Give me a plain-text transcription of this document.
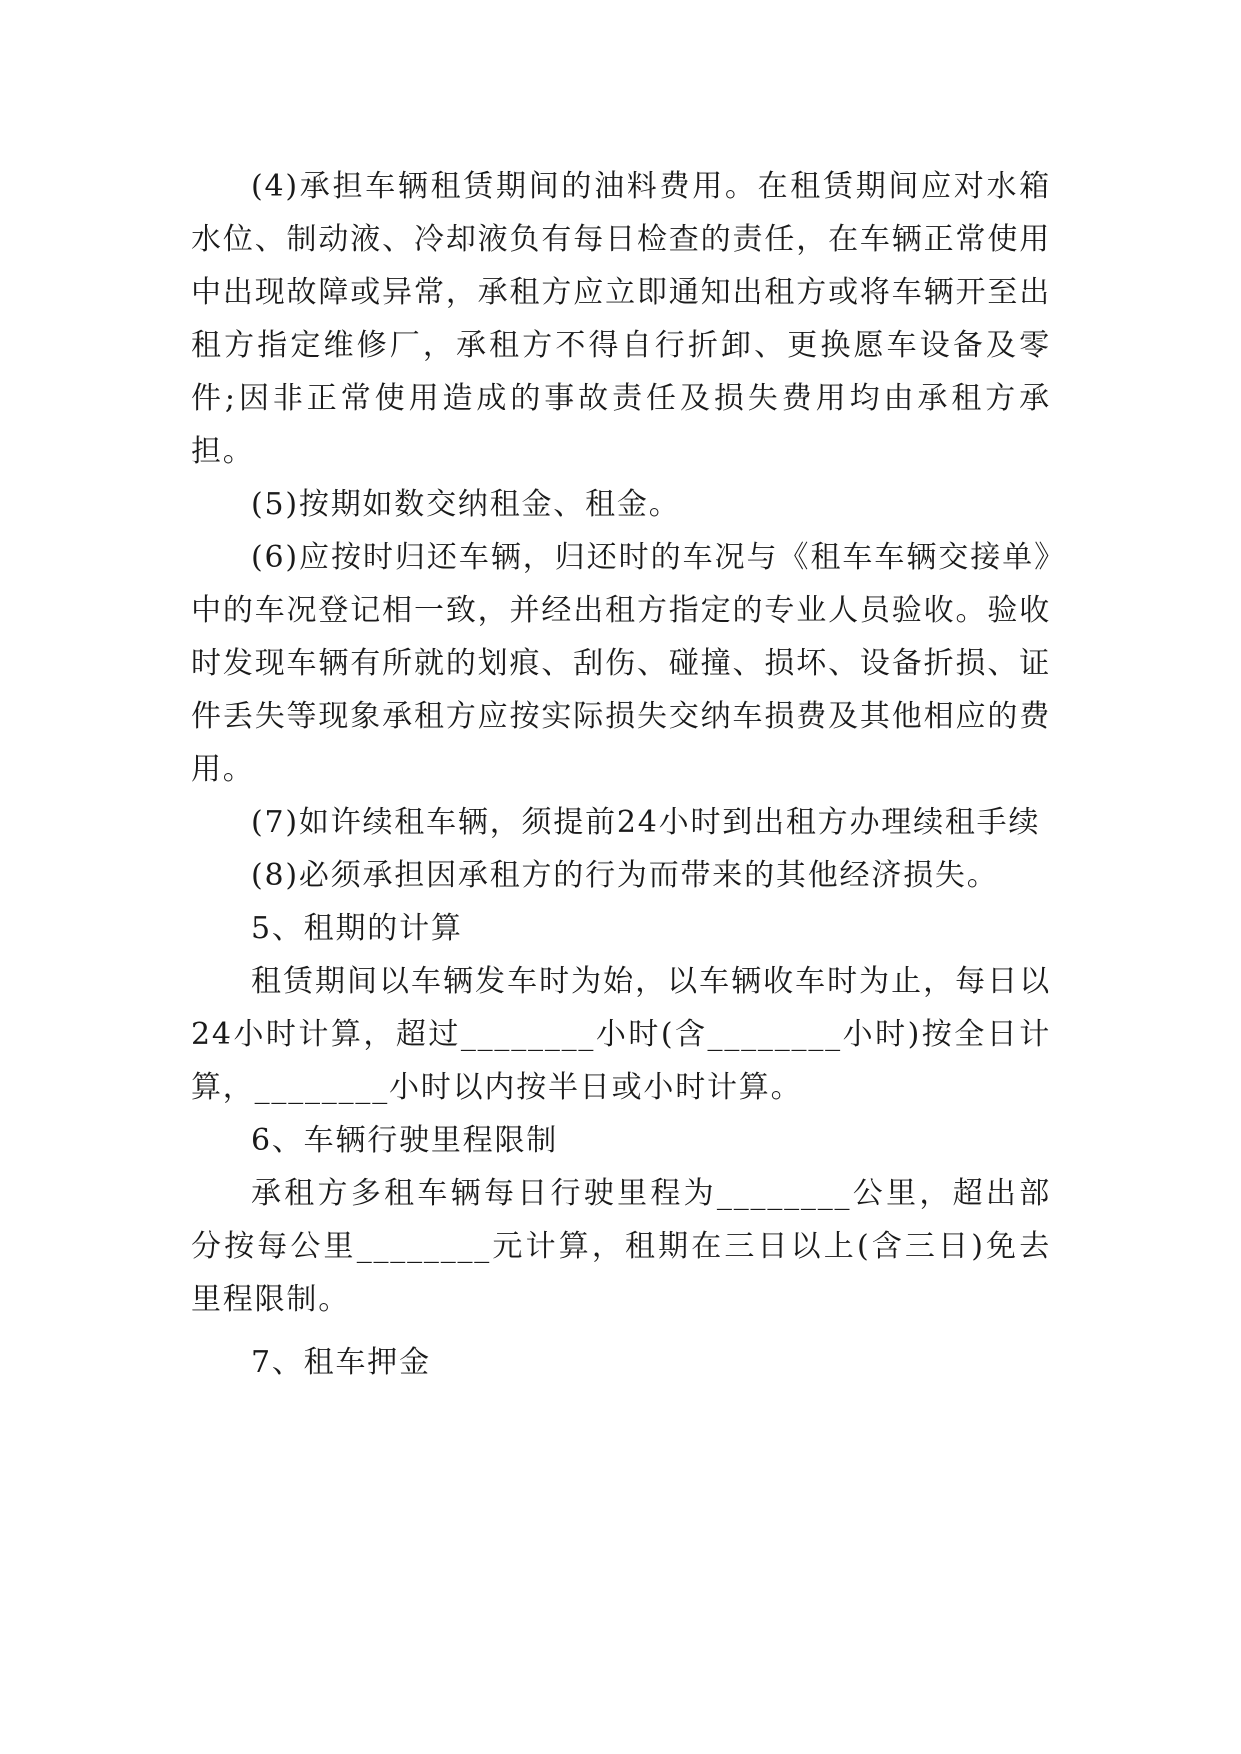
(4)承担车辆租赁期间的油料费用。在租赁期间应对水箱水位、制动液、冷却液负有每日检查的责任，在车辆正常使用中出现故障或异常，承租方应立即通知出租方或将车辆开至出租方指定维修厂，承租方不得自行折卸、更换愿车设备及零件;因非正常使用造成的事故责任及损失费用均由承租方承担。

(5)按期如数交纳租金、租金。

(6)应按时归还车辆，归还时的车况与《租车车辆交接单》中的车况登记相一致，并经出租方指定的专业人员验收。验收时发现车辆有所就的划痕、刮伤、碰撞、损坏、设备折损、证件丢失等现象承租方应按实际损失交纳车损费及其他相应的费用。

(7)如许续租车辆，须提前24小时到出租方办理续租手续

(8)必须承担因承租方的行为而带来的其他经济损失。

5、租期的计算

租赁期间以车辆发车时为始，以车辆收车时为止，每日以24小时计算，超过________小时(含________小时)按全日计算，________小时以内按半日或小时计算。

6、车辆行驶里程限制

承租方多租车辆每日行驶里程为________公里，超出部分按每公里________元计算，租期在三日以上(含三日)免去里程限制。

7、租车押金
